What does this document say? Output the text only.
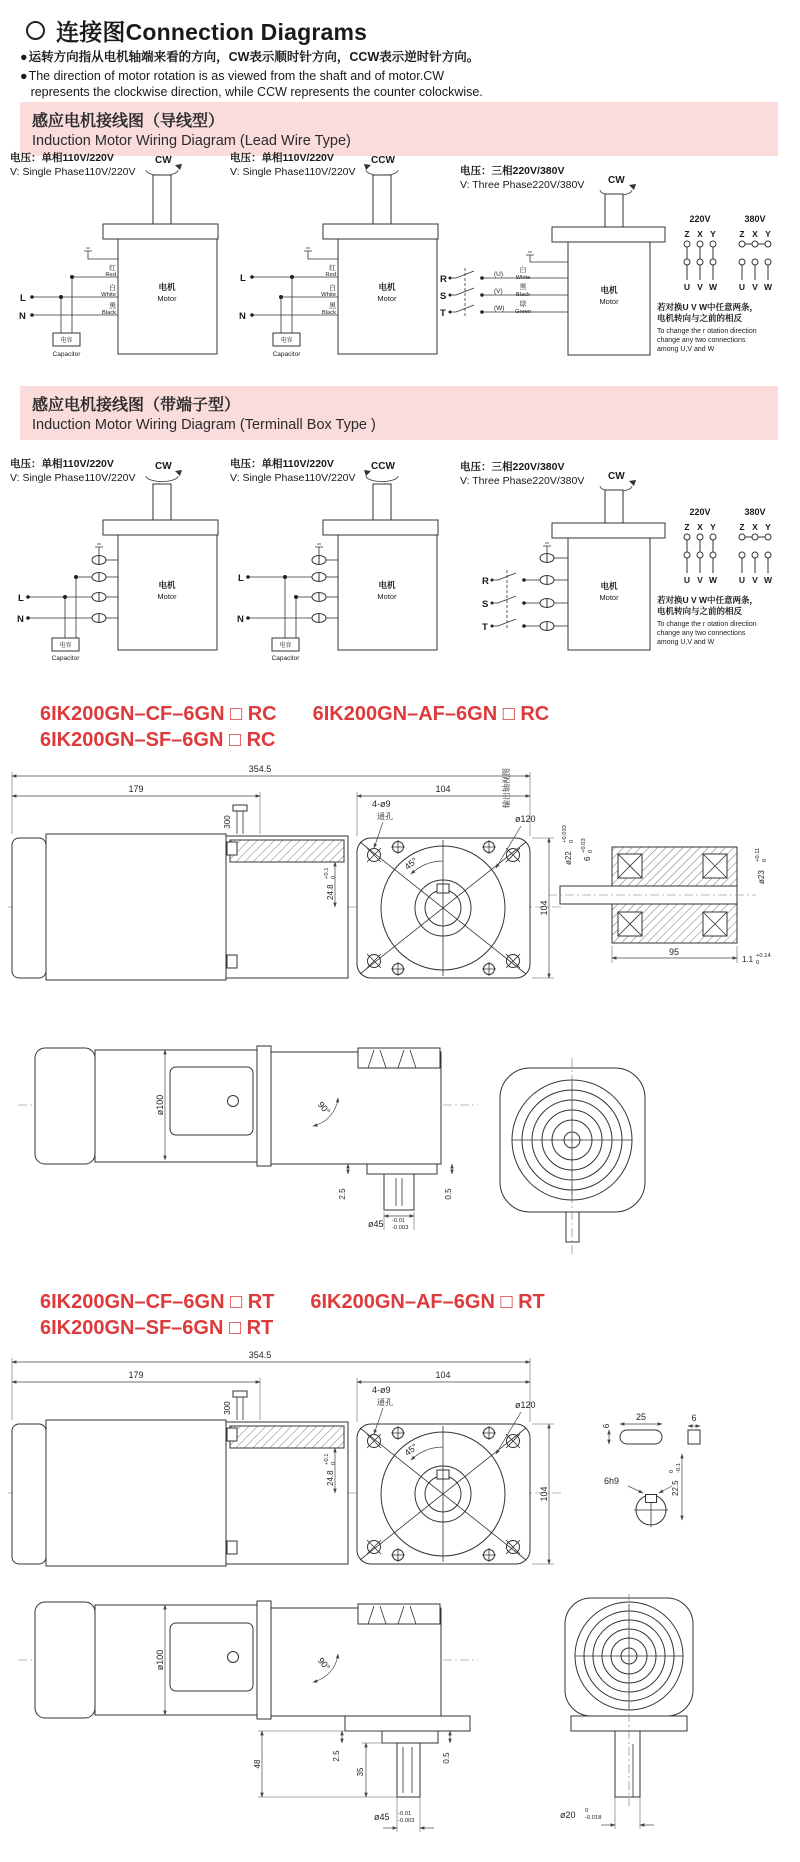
连接图Connection Diagrams
●运转方向指从电机轴端来看的方向，CW表示顺时针方向，CCW表示逆时针方向。
●The direction of motor rotation is as viewed from the shaft and of motor.CW
represents the clockwise direction, while CCW represents the counter colockwise.
感应电机接线图（导线型）
Induction Motor Wiring Diagram (Lead Wire Type)
电压：单相110V/220V
V: Single Phase110V/220V
CW
电机
Motor
红
Red
白
White
黑
Black
L
N
电容
Capacitor
电压：单相110V/220V
V: Single Phase110V/220V
CCW
电机
Motor
红
Red
白
White
黑
Black
L
N
电容
Capacitor
电压：三相220V/380V
V: Three Phase220V/380V CW
电机
Motor
R
S
T
(U)
(V)
(W)
白
White
黑
Black
绿
Green
220V	380V
Z X Y	Z X Y
U V W	U V W
若对换U V W中任意两条，
电机转向与之前的相反
To change the r otation direction
change any two connections
among U,V and W
感应电机接线图（带端子型）
Induction Motor Wiring Diagram (Terminall Box Type )
电压：单相110V/220V
V: Single Phase110V/220V
CW
电机
Motor
L
N
电容
Capacitor
电压：单相110V/220V
V: Single Phase110V/220V
CCW
电机
Motor
L
N
电容
Capacitor
电压：三相220V/380V
V: Three Phase220V/380V CW
电机
Motor
R
S
T
220V	380V
Z X Y	Z X Y
U V W	U V W
若对换U V W中任意两条，
电机转向与之前的相反
To change the r otation direction
change any two connections
among U,V and W
6IK200GN–CF–6GN □ RC 6IK200GN–AF–6GN □ RC
6IK200GN–SF–6GN □ RC
45°
354.5
179	104
300
4-ø9
通孔	ø120
104
24.8
+0.1 0
95
1.1 +0.14
0
ø23
+0.11 0
ø22
+0.033 0
6
+0.03 0
输出轴视图
ø100	90°
2.5	0.5
ø45 -0.01
-0.003
6IK200GN–CF–6GN □ RT 6IK200GN–AF–6GN □ RT
6IK200GN–SF–6GN □ RT
45°
354.5
179	104
300
4-ø9
通孔	ø120
104
24.8
+0.1 0
25
6
6
22.5
0 -0.1
6h9
ø100	90°
48
2.5
35
0.5
ø45 -0.01
-0.003
ø20 0
-0.018
